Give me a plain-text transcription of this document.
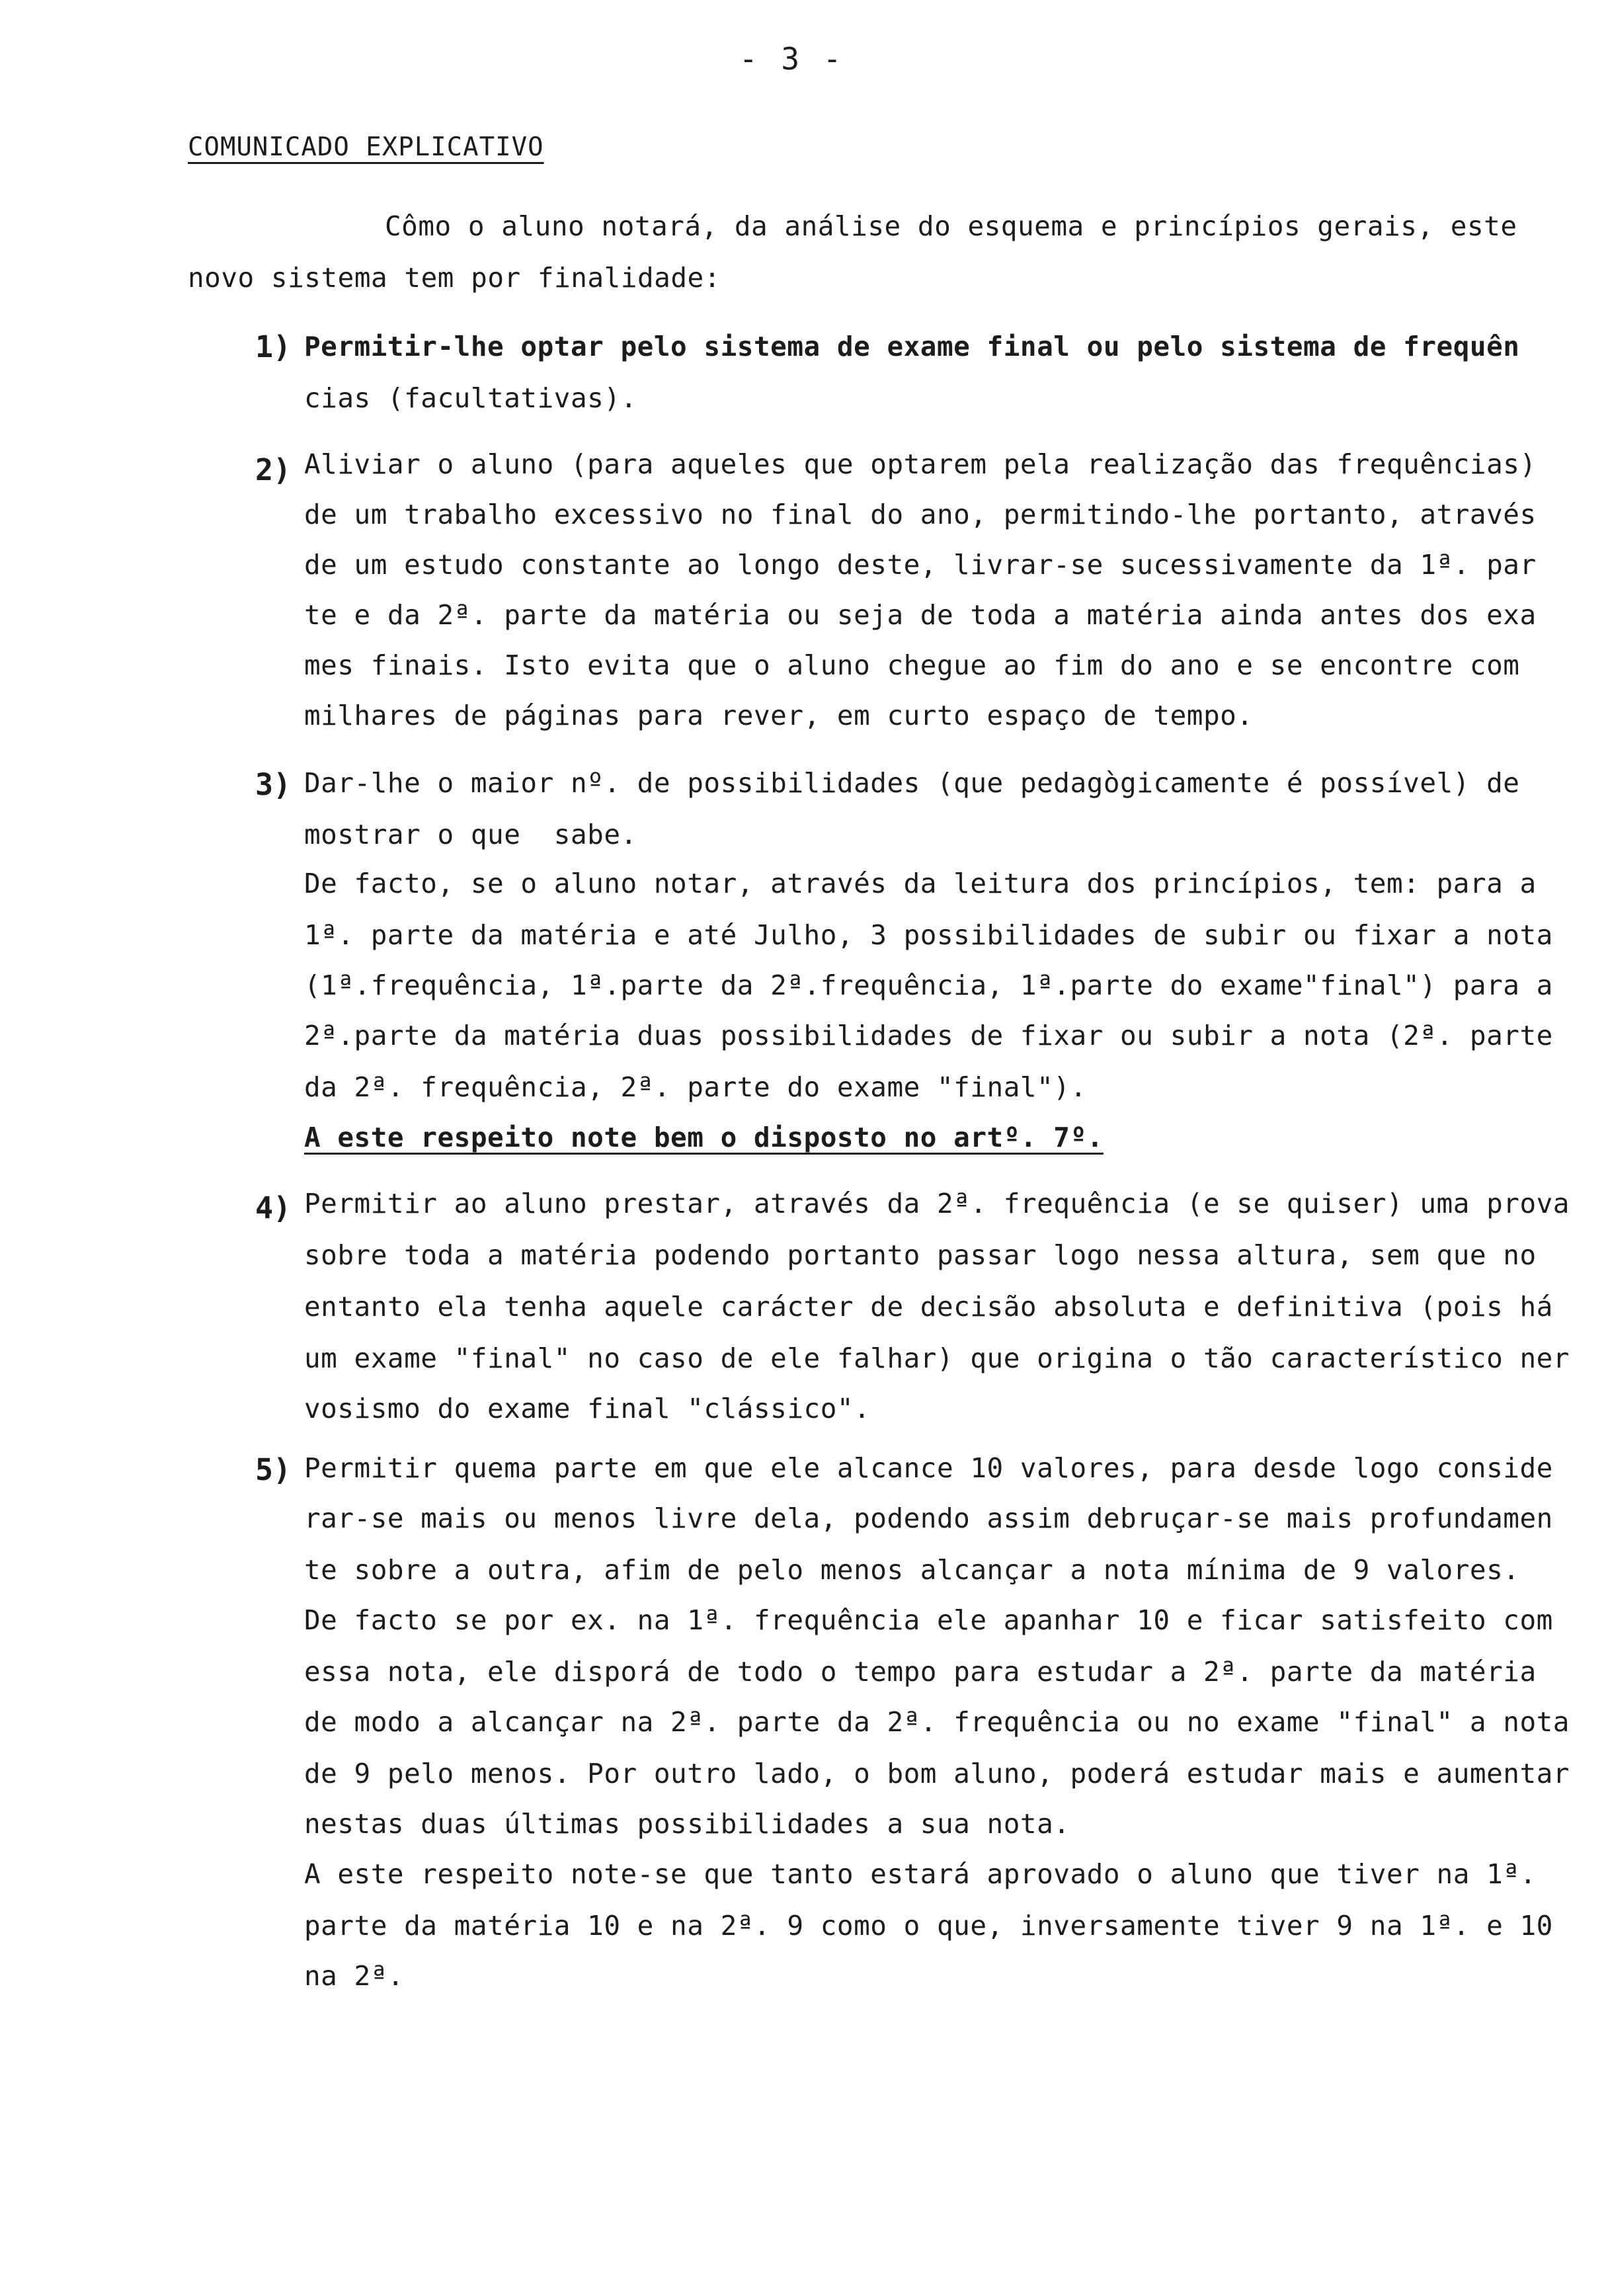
- 3 -
COMUNICADO EXPLICATIVO
Cômo o aluno notará, da análise do esquema e princípios gerais, este
novo sistema tem por finalidade:
1) Permitir-lhe optar pelo sistema de exame final ou pelo sistema de frequên
cias (facultativas).
2) Aliviar o aluno (para aqueles que optarem pela realização das frequências)
de um trabalho excessivo no final do ano, permitindo-lhe portanto, através
de um estudo constante ao longo deste, livrar-se sucessivamente da 1ª. par
te e da 2ª. parte da matéria ou seja de toda a matéria ainda antes dos exa
mes finais. Isto evita que o aluno chegue ao fim do ano e se encontre com
milhares de páginas para rever, em curto espaço de tempo.
3) Dar-lhe o maior nº. de possibilidades (que pedagògicamente é possível) de
mostrar o que  sabe.
De facto, se o aluno notar, através da leitura dos princípios, tem: para a
1ª. parte da matéria e até Julho, 3 possibilidades de subir ou fixar a nota
(1ª.frequência, 1ª.parte da 2ª.frequência, 1ª.parte do exame"final") para a
2ª.parte da matéria duas possibilidades de fixar ou subir a nota (2ª. parte
da 2ª. frequência, 2ª. parte do exame "final").
A este respeito note bem o disposto no artº. 7º.
4) Permitir ao aluno prestar, através da 2ª. frequência (e se quiser) uma prova
sobre toda a matéria podendo portanto passar logo nessa altura, sem que no
entanto ela tenha aquele carácter de decisão absoluta e definitiva (pois há
um exame "final" no caso de ele falhar) que origina o tão característico ner
vosismo do exame final "clássico".
5) Permitir quema parte em que ele alcance 10 valores, para desde logo conside
rar-se mais ou menos livre dela, podendo assim debruçar-se mais profundamen
te sobre a outra, afim de pelo menos alcançar a nota mínima de 9 valores.
De facto se por ex. na 1ª. frequência ele apanhar 10 e ficar satisfeito com
essa nota, ele disporá de todo o tempo para estudar a 2ª. parte da matéria
de modo a alcançar na 2ª. parte da 2ª. frequência ou no exame "final" a nota
de 9 pelo menos. Por outro lado, o bom aluno, poderá estudar mais e aumentar
nestas duas últimas possibilidades a sua nota.
A este respeito note-se que tanto estará aprovado o aluno que tiver na 1ª.
parte da matéria 10 e na 2ª. 9 como o que, inversamente tiver 9 na 1ª. e 10
na 2ª.
